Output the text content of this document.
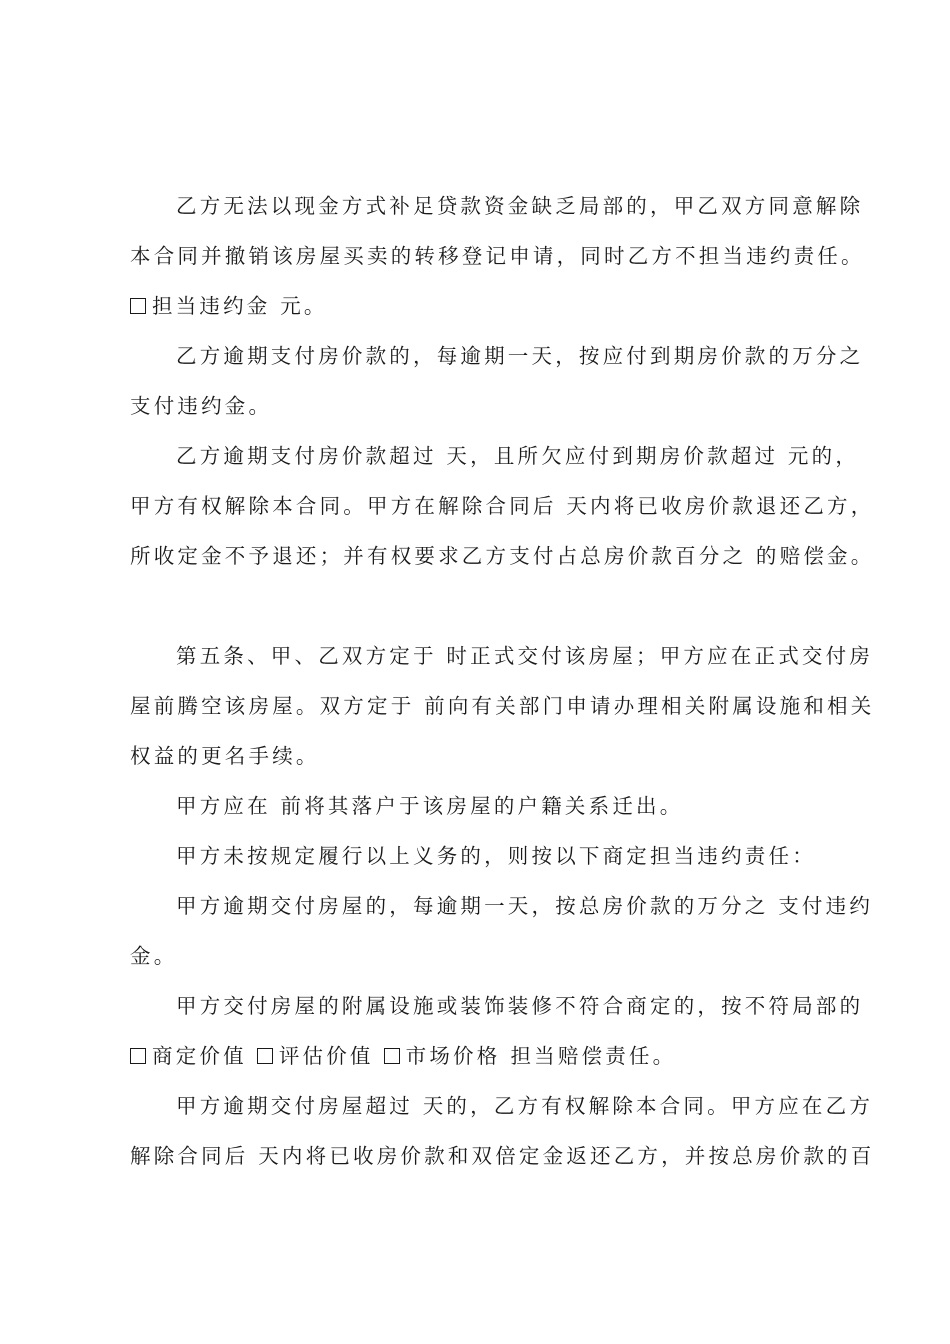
乙方无法以现金方式补足贷款资金缺乏局部的，甲乙双方同意解除
本合同并撤销该房屋买卖的转移登记申请，同时乙方不担当违约责任。
担当违约金 元。
乙方逾期支付房价款的，每逾期一天，按应付到期房价款的万分之
支付违约金。
乙方逾期支付房价款超过 天，且所欠应付到期房价款超过 元的，
甲方有权解除本合同。甲方在解除合同后 天内将已收房价款退还乙方，
所收定金不予退还；并有权要求乙方支付占总房价款百分之 的赔偿金。
第五条、甲、乙双方定于 时正式交付该房屋；甲方应在正式交付房
屋前腾空该房屋。双方定于 前向有关部门申请办理相关附属设施和相关
权益的更名手续。
甲方应在 前将其落户于该房屋的户籍关系迁出。
甲方未按规定履行以上义务的，则按以下商定担当违约责任：
甲方逾期交付房屋的，每逾期一天，按总房价款的万分之 支付违约
金。
甲方交付房屋的附属设施或装饰装修不符合商定的，按不符局部的
商定价值 评估价值 市场价格 担当赔偿责任。
甲方逾期交付房屋超过 天的，乙方有权解除本合同。甲方应在乙方
解除合同后 天内将已收房价款和双倍定金返还乙方，并按总房价款的百
